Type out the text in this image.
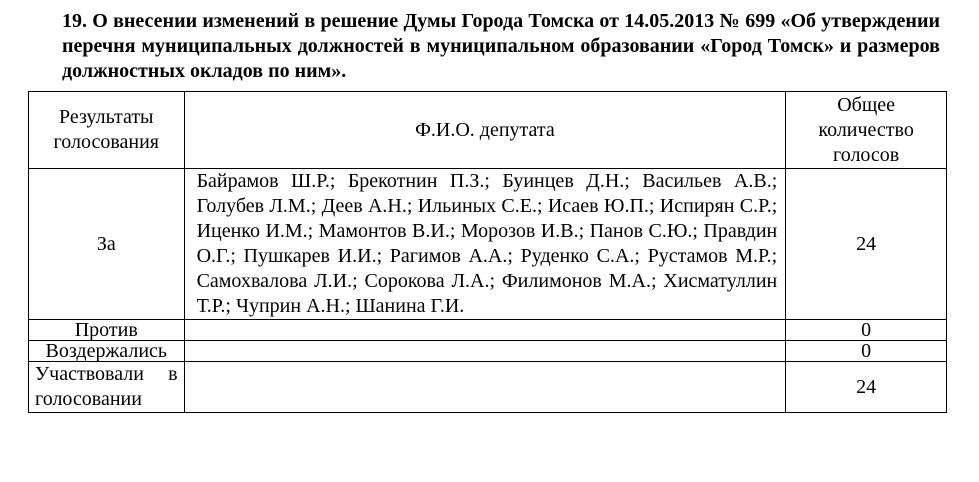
19. О внесении изменений в решение Думы Города Томска от 14.05.2013 № 699 «Об утверждении перечня муниципальных должностей в муниципальном образовании «Город Томск» и размеров должностных окладов по ним».
Результаты голосования	Ф.И.О. депутата	Общее количество голосов
За	Байрамов Ш.Р.; Брекотнин П.З.; Буинцев Д.Н.; Васильев А.В.; Голубев Л.М.; Деев А.Н.; Ильиных С.Е.; Исаев Ю.П.; Испирян С.Р.; Иценко И.М.; Мамонтов В.И.; Морозов И.В.; Панов С.Ю.; Правдин О.Г.; Пушкарев И.И.; Рагимов А.А.; Руденко С.А.; Рустамов М.Р.; Самохвалова Л.И.; Сорокова Л.А.; Филимонов М.А.; Хисматуллин Т.Р.; Чуприн А.Н.; Шанина Г.И.	24
Против		0
Воздержались		0
Участвовали в голосовании		24
